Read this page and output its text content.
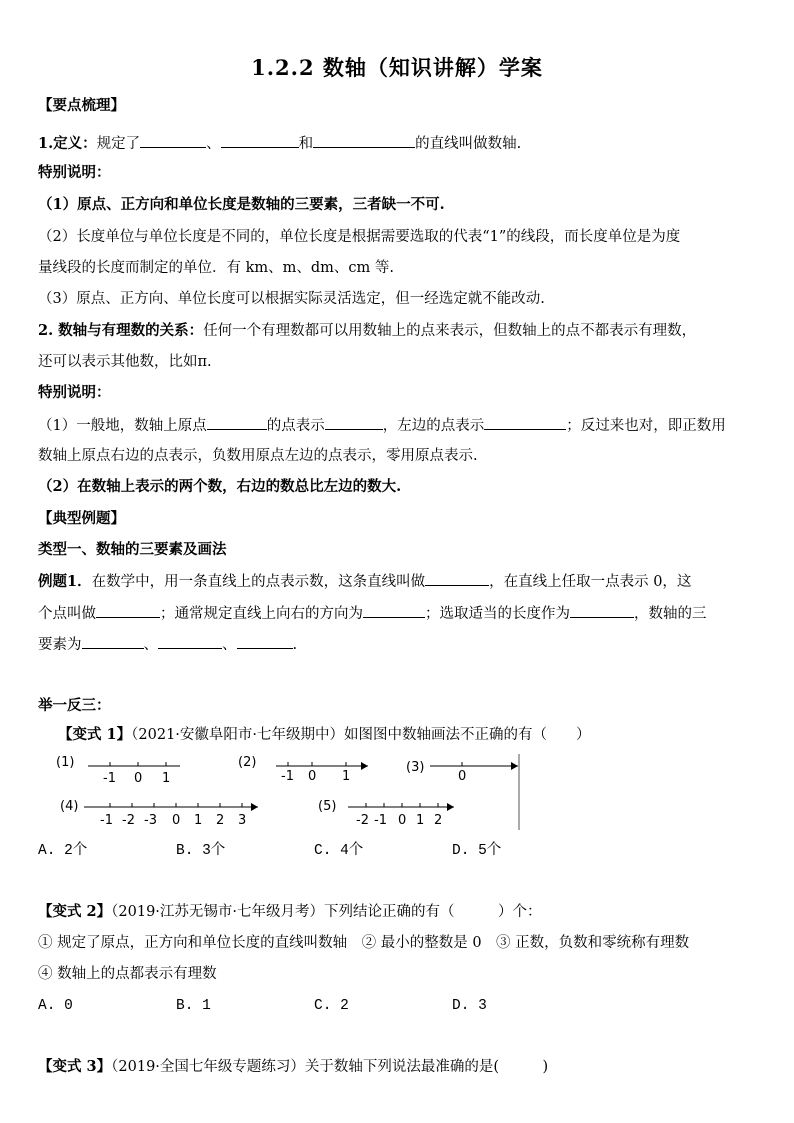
1.2.2 数轴（知识讲解）学案
【要点梳理】
1.定义：规定了	、	和	的直线叫做数轴.
特别说明：
（1）原点、正方向和单位长度是数轴的三要素，三者缺一不可.
（2）长度单位与单位长度是不同的，单位长度是根据需要选取的代表“1”的线段，而长度单位是为度
量线段的长度而制定的单位．有 km、m、dm、cm 等.
（3）原点、正方向、单位长度可以根据实际灵活选定，但一经选定就不能改动.
2. 数轴与有理数的关系：任何一个有理数都可以用数轴上的点来表示，但数轴上的点不都表示有理数，
还可以表示其他数，比如π.
特别说明：
（1）一般地，数轴上原点	的点表示	，左边的点表示	；反过来也对，即正数用
数轴上原点右边的点表示，负数用原点左边的点表示，零用原点表示.
（2）在数轴上表示的两个数，右边的数总比左边的数大.
【典型例题】
类型一、数轴的三要素及画法
例题1．在数学中，用一条直线上的点表示数，这条直线叫做	，在直线上任取一点表示 0，这
个点叫做	；通常规定直线上向右的方向为	；选取适当的长度作为	，数轴的三
要素为	、	、	.
举一反三：
【变式 1】（2021·安徽阜阳市·七年级期中）如图图中数轴画法不正确的有（　　）
(1)
-1 0 1
(2)
-1 0 1
(3)
0
(4)
-1 -2 -3 0 1 2 3
(5)
-2 -1 0 1 2
A. 2个	B. 3个	C. 4个	D. 5个
【变式 2】（2019·江苏无锡市·七年级月考）下列结论正确的有（　　　）个：
① 规定了原点，正方向和单位长度的直线叫数轴　② 最小的整数是 0　③ 正数，负数和零统称有理数
④ 数轴上的点都表示有理数
A. 0	B. 1	C. 2	D. 3
【变式 3】（2019·全国七年级专题练习）关于数轴下列说法最准确的是(　　　)
